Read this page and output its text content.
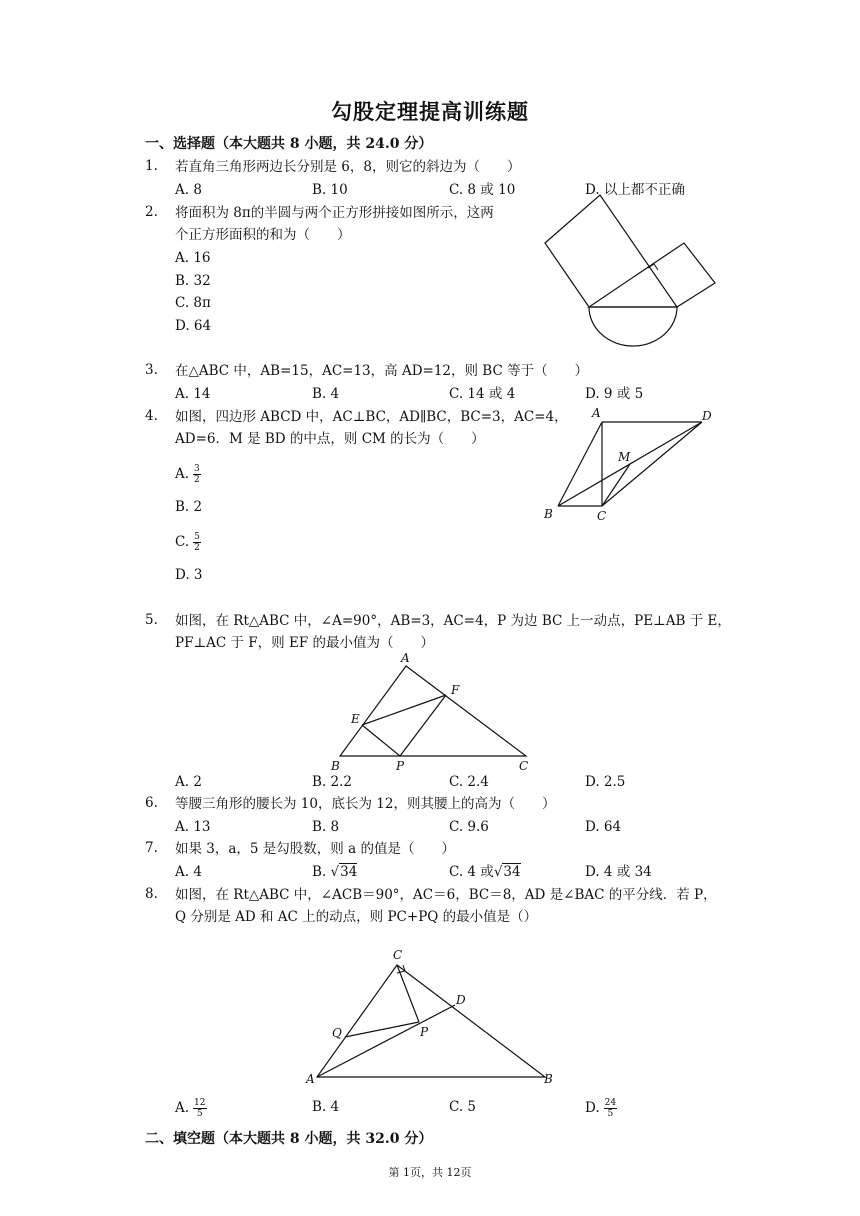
勾股定理提高训练题
一、选择题（本大题共 8 小题，共 24.0 分）
1. 若直角三角形两边长分别是 6，8，则它的斜边为（　　）
A. 8	B. 10	C. 8 或 10	D. 以上都不正确
2. 将面积为 8π的半圆与两个正方形拼接如图所示，这两
个正方形面积的和为（　　）
A. 16
B. 32
C. 8π
D. 64
3. 在△ABC 中，AB=15，AC=13，高 AD=12，则 BC 等于（　　）
A. 14	B. 4	C. 14 或 4	D. 9 或 5
4. 如图，四边形 ABCD 中，AC⊥BC，AD∥BC，BC=3，AC=4，
AD=6．M 是 BD 的中点，则 CM 的长为（　　）
A. $\frac{3}{2}$
B. 2
C. $\frac{5}{2}$
D. 3
A	D
M
B	C
5. 如图，在 Rt△ABC 中，∠A=90°，AB=3，AC=4，P 为边 BC 上一动点，PE⊥AB 于 E，
PF⊥AC 于 F，则 EF 的最小值为（　　）
A
F
E
B	P	C
A. 2	B. 2.2	C. 2.4	D. 2.5
6. 等腰三角形的腰长为 10，底长为 12，则其腰上的高为（　　）
A. 13	B. 8	C. 9.6	D. 64
7. 如果 3，a，5 是勾股数，则 a 的值是（　　）
A. 4	B. √34	C. 4 或√34	D. 4 或 34
8. 如图，在 Rt△ABC 中，∠ACB＝90°，AC＝6，BC＝8，AD 是∠BAC 的平分线．若 P，
Q 分别是 AD 和 AC 上的动点，则 PC+PQ 的最小值是（）
C
D
Q	P
A	B
A. $\frac{12}{5}$	B. 4	C. 5	D. $\frac{24}{5}$
二、填空题（本大题共 8 小题，共 32.0 分）
第 1页，共 12页
